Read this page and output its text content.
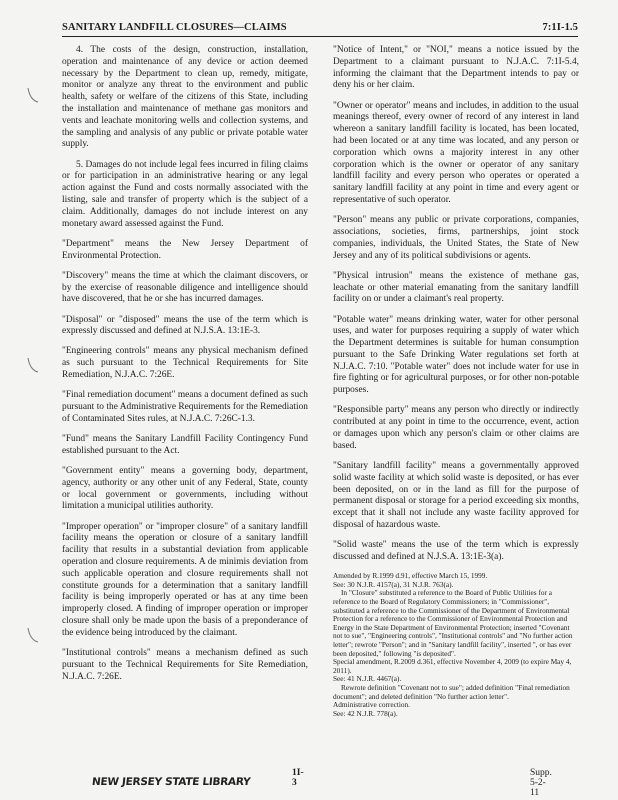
SANITARY LANDFILL CLOSURES—CLAIMS	7:1I-1.5

4. The costs of the design, construction, installation, operation and maintenance of any device or action deemed necessary by the Department to clean up, remedy, mitigate, monitor or analyze any threat to the environment and public health, safety or welfare of the citizens of this State, including the installation and maintenance of methane gas monitors and vents and leachate monitoring wells and collection systems, and the sampling and analysis of any public or private potable water supply.

5. Damages do not include legal fees incurred in filing claims or for participation in an administrative hearing or any legal action against the Fund and costs normally associated with the listing, sale and transfer of property which is the subject of a claim. Additionally, damages do not include interest on any monetary award assessed against the Fund.

"Department" means the New Jersey Department of Environmental Protection.

"Discovery" means the time at which the claimant discovers, or by the exercise of reasonable diligence and intelligence should have discovered, that he or she has incurred damages.

"Disposal" or "disposed" means the use of the term which is expressly discussed and defined at N.J.S.A. 13:1E-3.

"Engineering controls" means any physical mechanism defined as such pursuant to the Technical Requirements for Site Remediation, N.J.A.C. 7:26E.

"Final remediation document" means a document defined as such pursuant to the Administrative Requirements for the Remediation of Contaminated Sites rules, at N.J.A.C. 7:26C-1.3.

"Fund" means the Sanitary Landfill Facility Contingency Fund established pursuant to the Act.

"Government entity" means a governing body, department, agency, authority or any other unit of any Federal, State, county or local government or governments, including without limitation a municipal utilities authority.

"Improper operation" or "improper closure" of a sanitary landfill facility means the operation or closure of a sanitary landfill facility that results in a substantial deviation from applicable operation and closure requirements. A de minimis deviation from such applicable operation and closure requirements shall not constitute grounds for a determination that a sanitary landfill facility is being improperly operated or has at any time been improperly closed. A finding of improper operation or improper closure shall only be made upon the basis of a preponderance of the evidence being introduced by the claimant.

"Institutional controls" means a mechanism defined as such pursuant to the Technical Requirements for Site Remediation, N.J.A.C. 7:26E.

"Notice of Intent," or "NOI," means a notice issued by the Department to a claimant pursuant to N.J.A.C. 7:1I-5.4, informing the claimant that the Department intends to pay or deny his or her claim.

"Owner or operator" means and includes, in addition to the usual meanings thereof, every owner of record of any interest in land whereon a sanitary landfill facility is located, has been located, had been located or at any time was located, and any person or corporation which owns a majority interest in any other corporation which is the owner or operator of any sanitary landfill facility and every person who operates or operated a sanitary landfill facility at any point in time and every agent or representative of such operator.

"Person" means any public or private corporations, companies, associations, societies, firms, partnerships, joint stock companies, individuals, the United States, the State of New Jersey and any of its political subdivisions or agents.

"Physical intrusion" means the existence of methane gas, leachate or other material emanating from the sanitary landfill facility on or under a claimant's real property.

"Potable water" means drinking water, water for other personal uses, and water for purposes requiring a supply of water which the Department determines is suitable for human consumption pursuant to the Safe Drinking Water regulations set forth at N.J.A.C. 7:10. "Potable water" does not include water for use in fire fighting or for agricultural purposes, or for other non-potable purposes.

"Responsible party" means any person who directly or indirectly contributed at any point in time to the occurrence, event, action or damages upon which any person's claim or other claims are based.

"Sanitary landfill facility" means a governmentally approved solid waste facility at which solid waste is deposited, or has ever been deposited, on or in the land as fill for the purpose of permanent disposal or storage for a period exceeding six months, except that it shall not include any waste facility approved for disposal of hazardous waste.

"Solid waste" means the use of the term which is expressly discussed and defined at N.J.S.A. 13:1E-3(a).

Amended by R.1999 d.91, effective March 15, 1999.
See: 30 N.J.R. 4157(a), 31 N.J.R. 763(a).
In "Closure" substituted a reference to the Board of Public Utilities for a reference to the Board of Regulatory Commissioners; in "Commissioner", substituted a reference to the Commissioner of the Department of Environmental Protection for a reference to the Commissioner of Environmental Protection and Energy in the State Department of Environmental Protection; inserted "Covenant not to sue", "Engineering controls", "Institutional controls" and "No further action letter"; rewrote "Person"; and in "Sanitary landfill facility", inserted ", or has ever been deposited," following "is deposited".
Special amendment, R.2009 d.361, effective November 4, 2009 (to expire May 4, 2011).
See: 41 N.J.R. 4467(a).
Rewrote definition "Covenant not to sue"; added definition "Final remediation document"; and deleted definition "No further action letter".
Administrative correction.
See: 42 N.J.R. 778(a).
1I-3
Supp. 5-2-11
NEW JERSEY STATE LIBRARY
